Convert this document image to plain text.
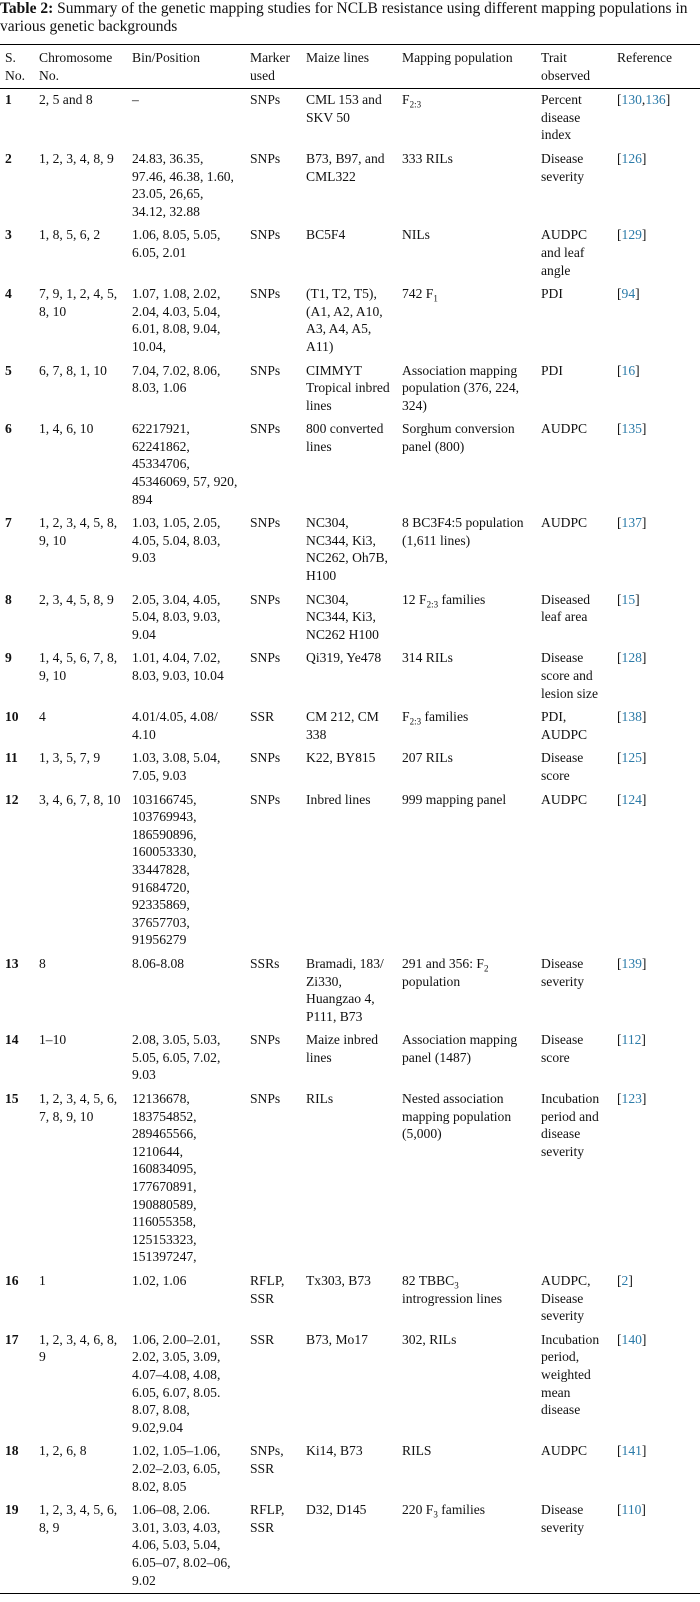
Table 2: Summary of the genetic mapping studies for NCLB resistance using different mapping populations in various genetic backgrounds
S. No.	Chromosome No.	Bin/Position	Marker used	Maize lines	Mapping population	Trait observed	Reference
1	2, 5 and 8	–	SNPs	CML 153 and SKV 50	$F_{2:3}$	Percent disease index	[130,136]
2	1, 2, 3, 4, 8, 9	24.83, 36.35, 97.46, 46.38, 1.60, 23.05, 26,65, 34.12, 32.88	SNPs	B73, B97, and CML322	333 RILs	Disease severity	[126]
3	1, 8, 5, 6, 2	1.06, 8.05, 5.05, 6.05, 2.01	SNPs	BC5F4	NILs	AUDPC and leaf angle	[129]
4	7, 9, 1, 2, 4, 5, 8, 10	1.07, 1.08, 2.02, 2.04, 4.03, 5.04, 6.01, 8.08, 9.04, 10.04,	SNPs	(T1, T2, T5), (A1, A2, A10, A3, A4, A5, A11)	742 $F_1$	PDI	[94]
5	6, 7, 8, 1, 10	7.04, 7.02, 8.06, 8.03, 1.06	SNPs	CIMMYT Tropical inbred lines	Association mapping population (376, 224, 324)	PDI	[16]
6	1, 4, 6, 10	62217921, 62241862, 45334706, 45346069, 57, 920, 894	SNPs	800 converted lines	Sorghum conversion panel (800)	AUDPC	[135]
7	1, 2, 3, 4, 5, 8, 9, 10	1.03, 1.05, 2.05, 4.05, 5.04, 8.03, 9.03	SNPs	NC304, NC344, Ki3, NC262, Oh7B, H100	8 BC3F4:5 population (1,611 lines)	AUDPC	[137]
8	2, 3, 4, 5, 8, 9	2.05, 3.04, 4.05, 5.04, 8.03, 9.03, 9.04	SNPs	NC304, NC344, Ki3, NC262 H100	12 $F_{2:3}$ families	Diseased leaf area	[15]
9	1, 4, 5, 6, 7, 8, 9, 10	1.01, 4.04, 7.02, 8.03, 9.03, 10.04	SNPs	Qi319, Ye478	314 RILs	Disease score and lesion size	[128]
10	4	4.01/4.05, 4.08/ 4.10	SSR	CM 212, CM 338	$F_{2:3}$ families	PDI, AUDPC	[138]
11	1, 3, 5, 7, 9	1.03, 3.08, 5.04, 7.05, 9.03	SNPs	K22, BY815	207 RILs	Disease score	[125]
12	3, 4, 6, 7, 8, 10	103166745, 103769943, 186590896, 160053330, 33447828, 91684720, 92335869, 37657703, 91956279	SNPs	Inbred lines	999 mapping panel	AUDPC	[124]
13	8	8.06-8.08	SSRs	Bramadi, 183/ Zi330, Huangzao 4, P111, B73	291 and 356: $F_2$ population	Disease severity	[139]
14	1–10	2.08, 3.05, 5.03, 5.05, 6.05, 7.02, 9.03	SNPs	Maize inbred lines	Association mapping panel (1487)	Disease score	[112]
15	1, 2, 3, 4, 5, 6, 7, 8, 9, 10	12136678, 183754852, 289465566, 1210644, 160834095, 177670891, 190880589, 116055358, 125153323, 151397247,	SNPs	RILs	Nested association mapping population (5,000)	Incubation period and disease severity	[123]
16	1	1.02, 1.06	RFLP, SSR	Tx303, B73	82 $TBBC_3$ introgression lines	AUDPC, Disease severity	[2]
17	1, 2, 3, 4, 6, 8, 9	1.06, 2.00–2.01, 2.02, 3.05, 3.09, 4.07–4.08, 4.08, 6.05, 6.07, 8.05. 8.07, 8.08, 9.02,9.04	SSR	B73, Mo17	302, RILs	Incubation period, weighted mean disease	[140]
18	1, 2, 6, 8	1.02, 1.05–1.06, 2.02–2.03, 6.05, 8.02, 8.05	SNPs, SSR	Ki14, B73	RILS	AUDPC	[141]
19	1, 2, 3, 4, 5, 6, 8, 9	1.06–08, 2.06. 3.01, 3.03, 4.03, 4.06, 5.03, 5.04, 6.05–07, 8.02–06, 9.02	RFLP, SSR	D32, D145	220 $F_3$ families	Disease severity	[110]
